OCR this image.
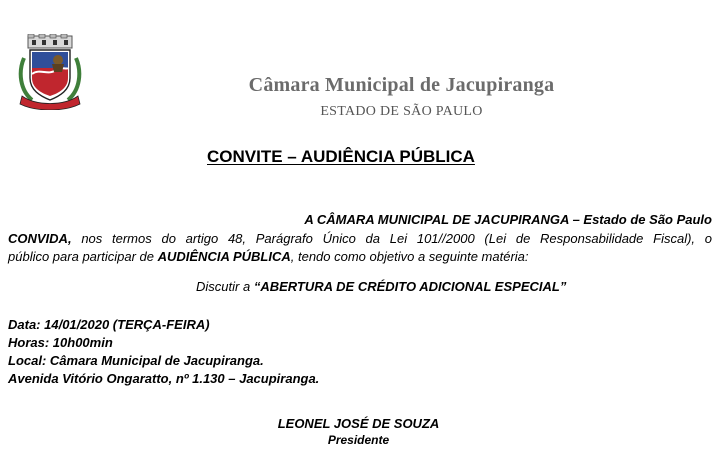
Câmara Municipal de Jacupiranga
ESTADO DE SÃO PAULO
CONVITE – AUDIÊNCIA PÚBLICA
A CÂMARA MUNICIPAL DE JACUPIRANGA – Estado de São Paulo
CONVIDA, nos termos do artigo 48, Parágrafo Único da Lei 101//2000 (Lei de Responsabilidade Fiscal), o
público para participar de AUDIÊNCIA PÚBLICA, tendo como objetivo a seguinte matéria:
Discutir a “ABERTURA DE CRÉDITO ADICIONAL ESPECIAL”
Data: 14/01/2020 (TERÇA-FEIRA)
Horas: 10h00min
Local: Câmara Municipal de Jacupiranga.
Avenida Vitório Ongaratto, nº 1.130 – Jacupiranga.
LEONEL JOSÉ DE SOUZA
Presidente
